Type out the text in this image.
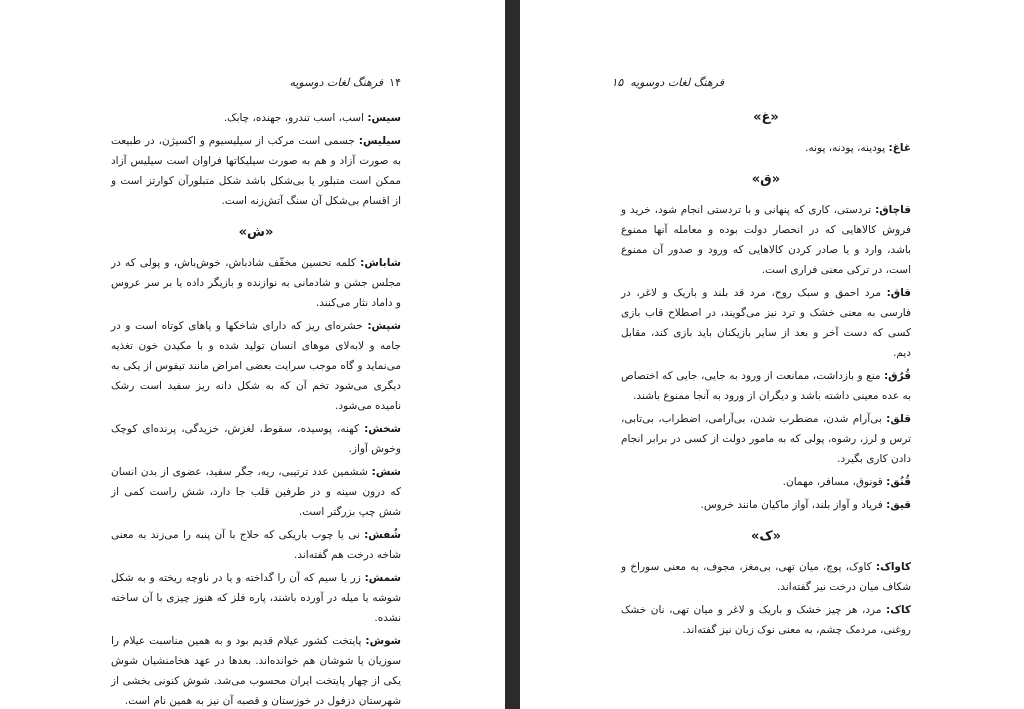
۱۴فرهنگ لغات دوسویه
سیس: اسب، اسب تندرو، جهنده، چابک.
سیلیس: جسمی است مرکب از سیلیسیوم و اکسیژن، در طبیعت به صورت آزاد و هم به صورت سیلیکاتها فراوان است سیلیس آزاد ممکن است متبلور یا بی‌شکل باشد شکل متبلورآن کوارتز است و از اقسام بی‌شکل آن سنگ آتش‌زنه است.
«ش»
شاباش: کلمه تحسین مخفّف شادباش، خوش‌باش، و پولی که در مجلس جشن و شادمانی به نوازنده و بازیگر داده یا بر سر عروس و داماد نثار می‌کنند.
شپش: حشره‌ای ریز که دارای شاخکها و پاهای کوتاه است و در جامه و لابه‌لای موهای انسان تولید شده و با مکیدن خون تغذیه می‌نماید و گاه موجب سرایت بعضی امراض مانند تیفوس از یکی به دیگری می‌شود تخم آن که به شکل دانه ریز سفید است رشک نامیده می‌شود.
شخش: کهنه، پوسیده، سقوط، لغزش، خزیدگی، پرنده‌ای کوچک وخوش آواز.
شش: ششمین عدد ترتیبی، ریه، جگر سفید، عضوی از بدن انسان که درون سینه و در طرفین قلب جا دارد، شش راست کمی از شش چپ بزرگتر است.
شُفش: نی یا چوب باریکی که حلاج با آن پنبه را می‌زند به معنی شاخه درخت هم گفته‌اند.
شمش: زر یا سیم که آن را گداخته و یا در ناوچه ریخته و به شکل شوشه یا میله در آورده باشند، پاره فلز که هنوز چیزی با آن ساخته نشده.
شوش: پایتخت کشور عیلام قدیم بود و به همین مناسبت عیلام را سوزیان یا شوشان هم خوانده‌اند. بعدها در عهد هخامنشیان شوش یکی از چهار پایتخت ایران محسوب می‌شد. شوش کنونی بخشی از شهرستان دزفول در خوزستان و قصبه آن نیز به همین نام است.
فرهنگ لغات دوسویه  ۱۵
«غ»
غاغ: پودینه، پودنه، پونه.
«ق»
قاچاق: تردستی، کاری که پنهانی و با تردستی انجام شود، خرید و فروش کالاهایی که در انحصار دولت بوده و معامله آنها ممنوع باشد، وارد و یا صادر کردن کالاهایی که ورود و صدور آن ممنوع است، در ترکی معنی فراری است.
قاق: مرد احمق و سبک روح، مرد قد بلند و باریک و لاغر، در فارسی به معنی خشک و ترد نیز می‌گویند، در اصطلاح قاب بازی کسی که دست آخر و بعد از سایر بازیکنان باید بازی کند، مقابل دیم.
قُرُق: منع و بازداشت، ممانعت از ورود به جایی، جایی که اختصاص به عده معینی داشته باشد و دیگران از ورود به آنجا ممنوع باشند.
قلق: بی‌آرام شدن، مضطرب شدن، بی‌آرامی، اضطراب، بی‌تابی، ترس و لرز، رشوه، پولی که به مامور دولت از کسی در برابر انجام دادن کاری بگیرد.
قُنُق: قونوق، مسافر، مهمان.
قیق: فریاد و آواز بلند، آواز ماکیان مانند خروس.
«ک»
کاواک: کاوک، پوچ، میان تهی، بی‌مغز، مجوف، به معنی سوراخ و شکاف میان درخت نیز گفته‌اند.
کاک: مرد، هر چیز خشک و باریک و لاغر و میان تهی، نان خشک روغنی، مردمک چشم، به معنی نوک زبان نیز گفته‌اند.
